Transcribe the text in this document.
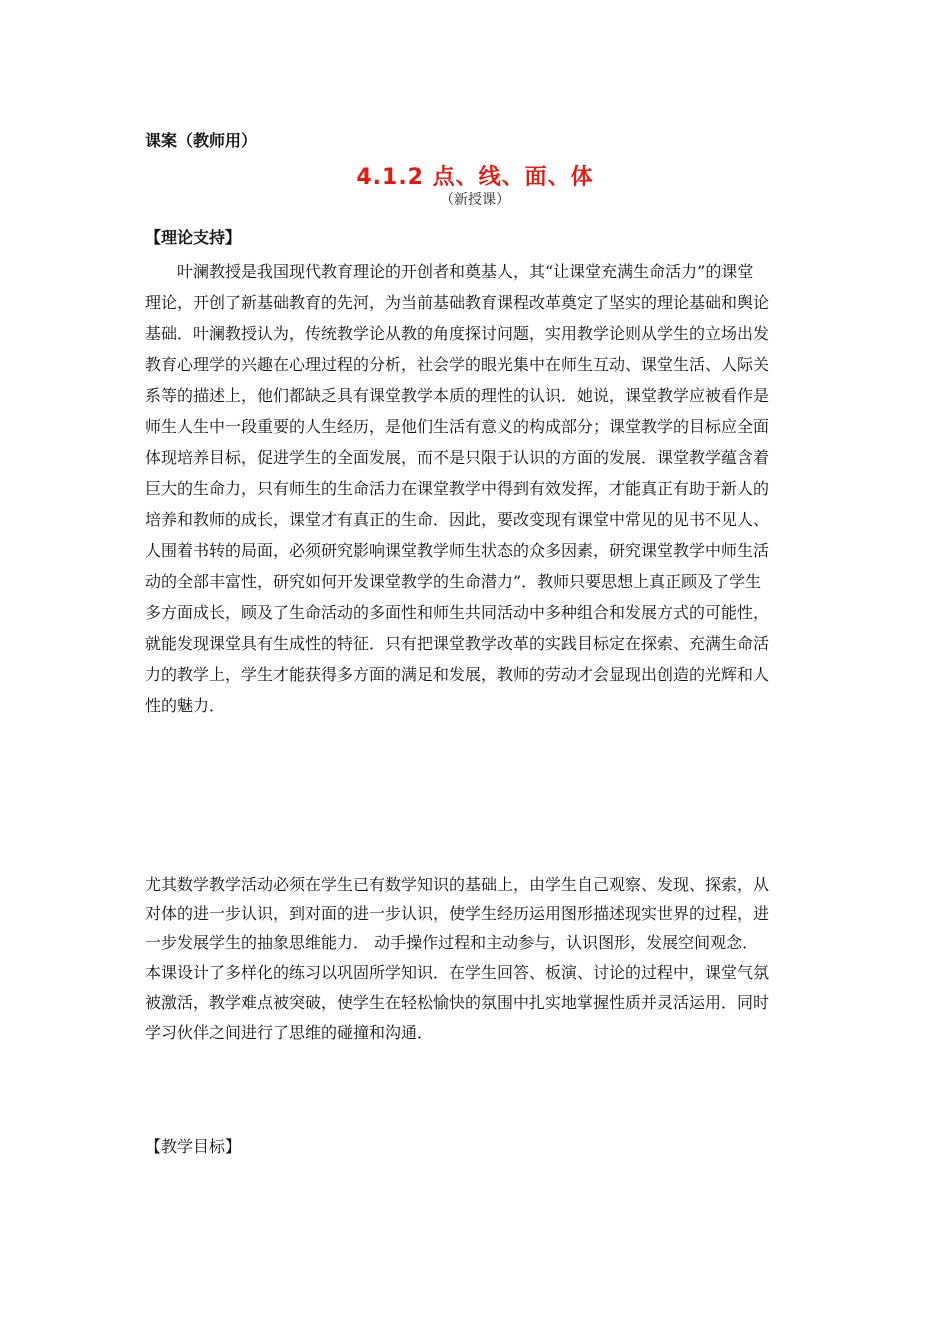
课案（教师用）
4.1.2 点、线、面、体
（新授课）
【理论支持】
叶澜教授是我国现代教育理论的开创者和奠基人，其“让课堂充满生命活力”的课堂
理论，开创了新基础教育的先河，为当前基础教育课程改革奠定了坚实的理论基础和舆论
基础．叶澜教授认为，传统教学论从教的角度探讨问题，实用教学论则从学生的立场出发
教育心理学的兴趣在心理过程的分析，社会学的眼光集中在师生互动、课堂生活、人际关
系等的描述上，他们都缺乏具有课堂教学本质的理性的认识．她说，课堂教学应被看作是
师生人生中一段重要的人生经历，是他们生活有意义的构成部分；课堂教学的目标应全面
体现培养目标，促进学生的全面发展，而不是只限于认识的方面的发展．课堂教学蕴含着
巨大的生命力，只有师生的生命活力在课堂教学中得到有效发挥，才能真正有助于新人的
培养和教师的成长，课堂才有真正的生命．因此，要改变现有课堂中常见的见书不见人、
人围着书转的局面，必须研究影响课堂教学师生状态的众多因素，研究课堂教学中师生活
动的全部丰富性，研究如何开发课堂教学的生命潜力”．教师只要思想上真正顾及了学生
多方面成长，顾及了生命活动的多面性和师生共同活动中多种组合和发展方式的可能性，
就能发现课堂具有生成性的特征．只有把课堂教学改革的实践目标定在探索、充满生命活
力的教学上，学生才能获得多方面的满足和发展，教师的劳动才会显现出创造的光辉和人
性的魅力．
尤其数学教学活动必须在学生已有数学知识的基础上，由学生自己观察、发现、探索，从
对体的进一步认识，到对面的进一步认识，使学生经历运用图形描述现实世界的过程，进
一步发展学生的抽象思维能力． 动手操作过程和主动参与，认识图形，发展空间观念．
本课设计了多样化的练习以巩固所学知识．在学生回答、板演、讨论的过程中，课堂气氛
被激活，教学难点被突破，使学生在轻松愉快的氛围中扎实地掌握性质并灵活运用．同时
学习伙伴之间进行了思维的碰撞和沟通．
【教学目标】
